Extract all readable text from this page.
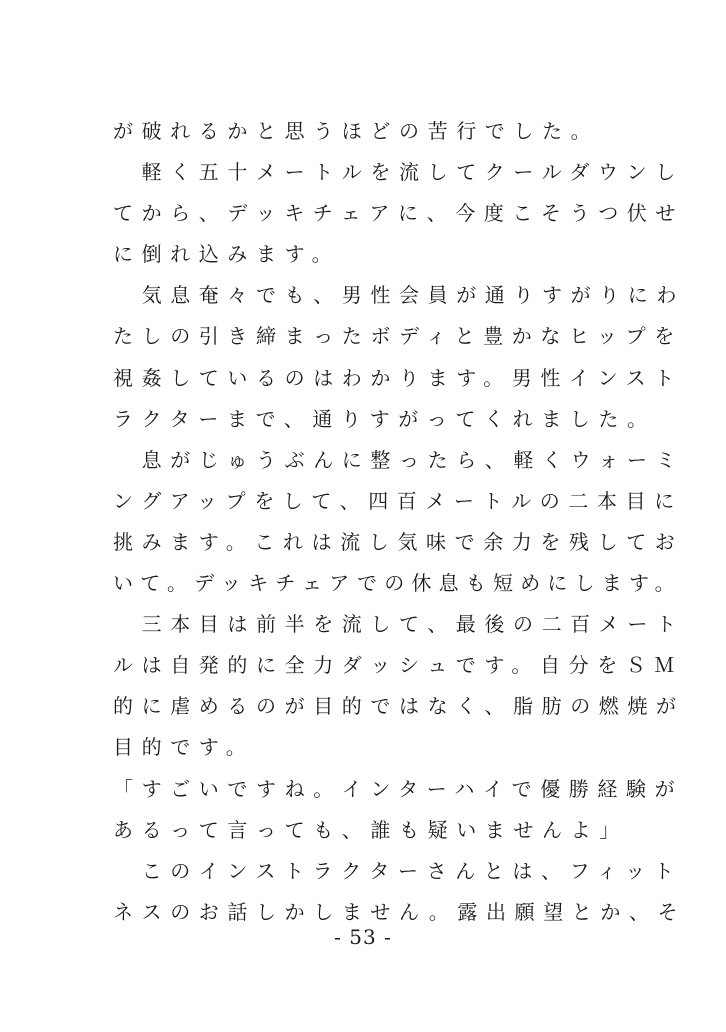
が破れるかと思うほどの苦行でした。
　軽く五十メートルを流してクールダウンし
てから、デッキチェアに、今度こそうつ伏せ
に倒れ込みます。
　気息奄々でも、男性会員が通りすがりにわ
たしの引き締まったボディと豊かなヒップを
視姦しているのはわかります。男性インスト
ラクターまで、通りすがってくれました。
　息がじゅうぶんに整ったら、軽くウォーミ
ングアップをして、四百メートルの二本目に
挑みます。これは流し気味で余力を残してお
いて。デッキチェアでの休息も短めにします。
　三本目は前半を流して、最後の二百メート
ルは自発的に全力ダッシュです。自分をＳＭ
的に虐めるのが目的ではなく、脂肪の燃焼が
目的です。
「すごいですね。インターハイで優勝経験が
あるって言っても、誰も疑いませんよ」
　このインストラクターさんとは、フィット
ネスのお話しかしません。露出願望とか、そ
- 53 -
